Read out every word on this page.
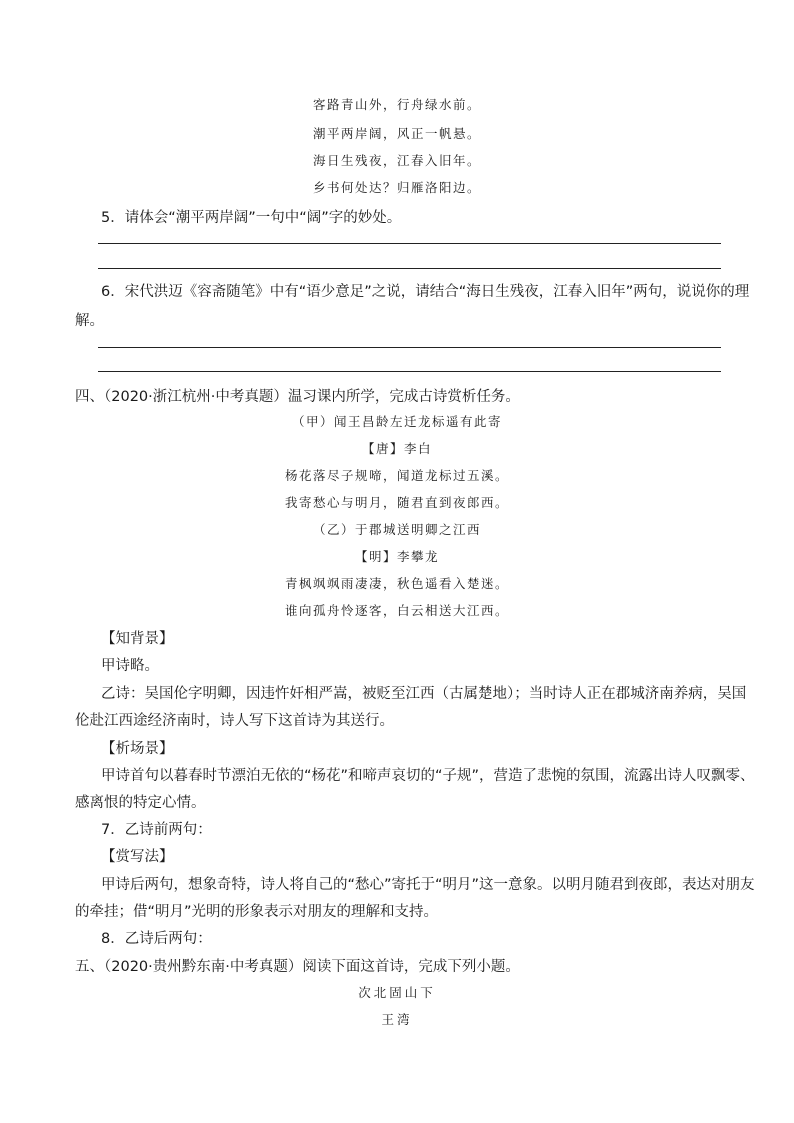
客路青山外，行舟绿水前。
潮平两岸阔，风正一帆悬。
海日生残夜，江春入旧年。
乡书何处达？归雁洛阳边。
5．请体会“潮平两岸阔”一句中“阔”字的妙处。
6．宋代洪迈《容斋随笔》中有“语少意足”之说，请结合“海日生残夜，江春入旧年”两句，说说你的理
解。
四、（2020·浙江杭州·中考真题）温习课内所学，完成古诗赏析任务。
（甲）闻王昌龄左迁龙标遥有此寄
【唐】李白
杨花落尽子规啼，闻道龙标过五溪。
我寄愁心与明月，随君直到夜郎西。
（乙）于郡城送明卿之江西
【明】李攀龙
青枫飒飒雨凄凄，秋色遥看入楚迷。
谁向孤舟怜逐客，白云相送大江西。
【知背景】
甲诗略。
乙诗：吴国伦字明卿，因违忤奸相严嵩，被贬至江西（古属楚地）；当时诗人正在郡城济南养病，吴国
伦赴江西途经济南时，诗人写下这首诗为其送行。
【析场景】
甲诗首句以暮春时节漂泊无依的“杨花”和啼声哀切的“子规”，营造了悲惋的氛围，流露出诗人叹飘零、
感离恨的特定心情。
7．乙诗前两句：
【赏写法】
甲诗后两句，想象奇特，诗人将自己的“愁心”寄托于“明月”这一意象。以明月随君到夜郎，表达对朋友
的牵挂；借“明月”光明的形象表示对朋友的理解和支持。
8．乙诗后两句：
五、（2020·贵州黔东南·中考真题）阅读下面这首诗，完成下列小题。
次北固山下
王湾
